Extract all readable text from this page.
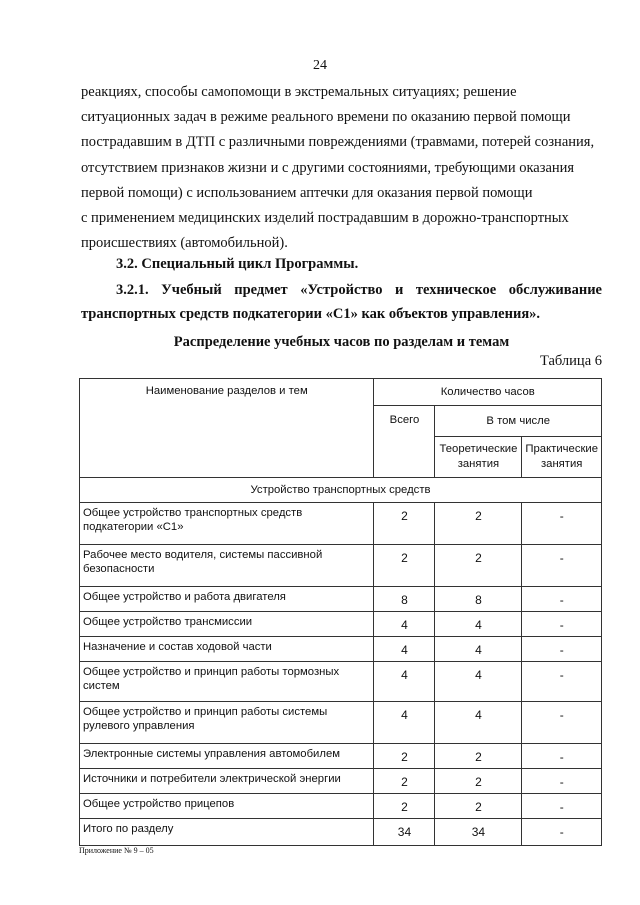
24

реакциях, способы самопомощи в экстремальных ситуациях; решение

ситуационных задач в режиме реального времени по оказанию первой помощи

пострадавшим в ДТП с различными повреждениями (травмами, потерей сознания,

отсутствием признаков жизни и с другими состояниями, требующими оказания

первой помощи) с использованием аптечки для оказания первой помощи

с применением медицинских изделий пострадавшим в дорожно-транспортных

происшествиях (автомобильной).

3.2. Специальный цикл Программы.
3.2.1. Учебный предмет «Устройство и техническое обслуживание транспортных средств подкатегории «С1» как объектов управления».
Распределение учебных часов по разделам и темам
Таблица 6
Наименование разделов и тем	Количество часов		
	Всего	В том числе	
		Теоретические занятия	Практические занятия
Устройство транспортных средств			
Общее устройство транспортных средств подкатегории «С1»	2	2	-
Рабочее место водителя, системы пассивной безопасности	2	2	-
Общее устройство и работа двигателя	8	8	-
Общее устройство трансмиссии	4	4	-
Назначение и состав ходовой части	4	4	-
Общее устройство и принцип работы тормозных систем	4	4	-
Общее устройство и принцип работы системы рулевого управления	4	4	-
Электронные системы управления автомобилем	2	2	-
Источники и потребители электрической энергии	2	2	-
Общее устройство прицепов	2	2	-
Итого по разделу	34	34	-
Приложение № 9 – 05
